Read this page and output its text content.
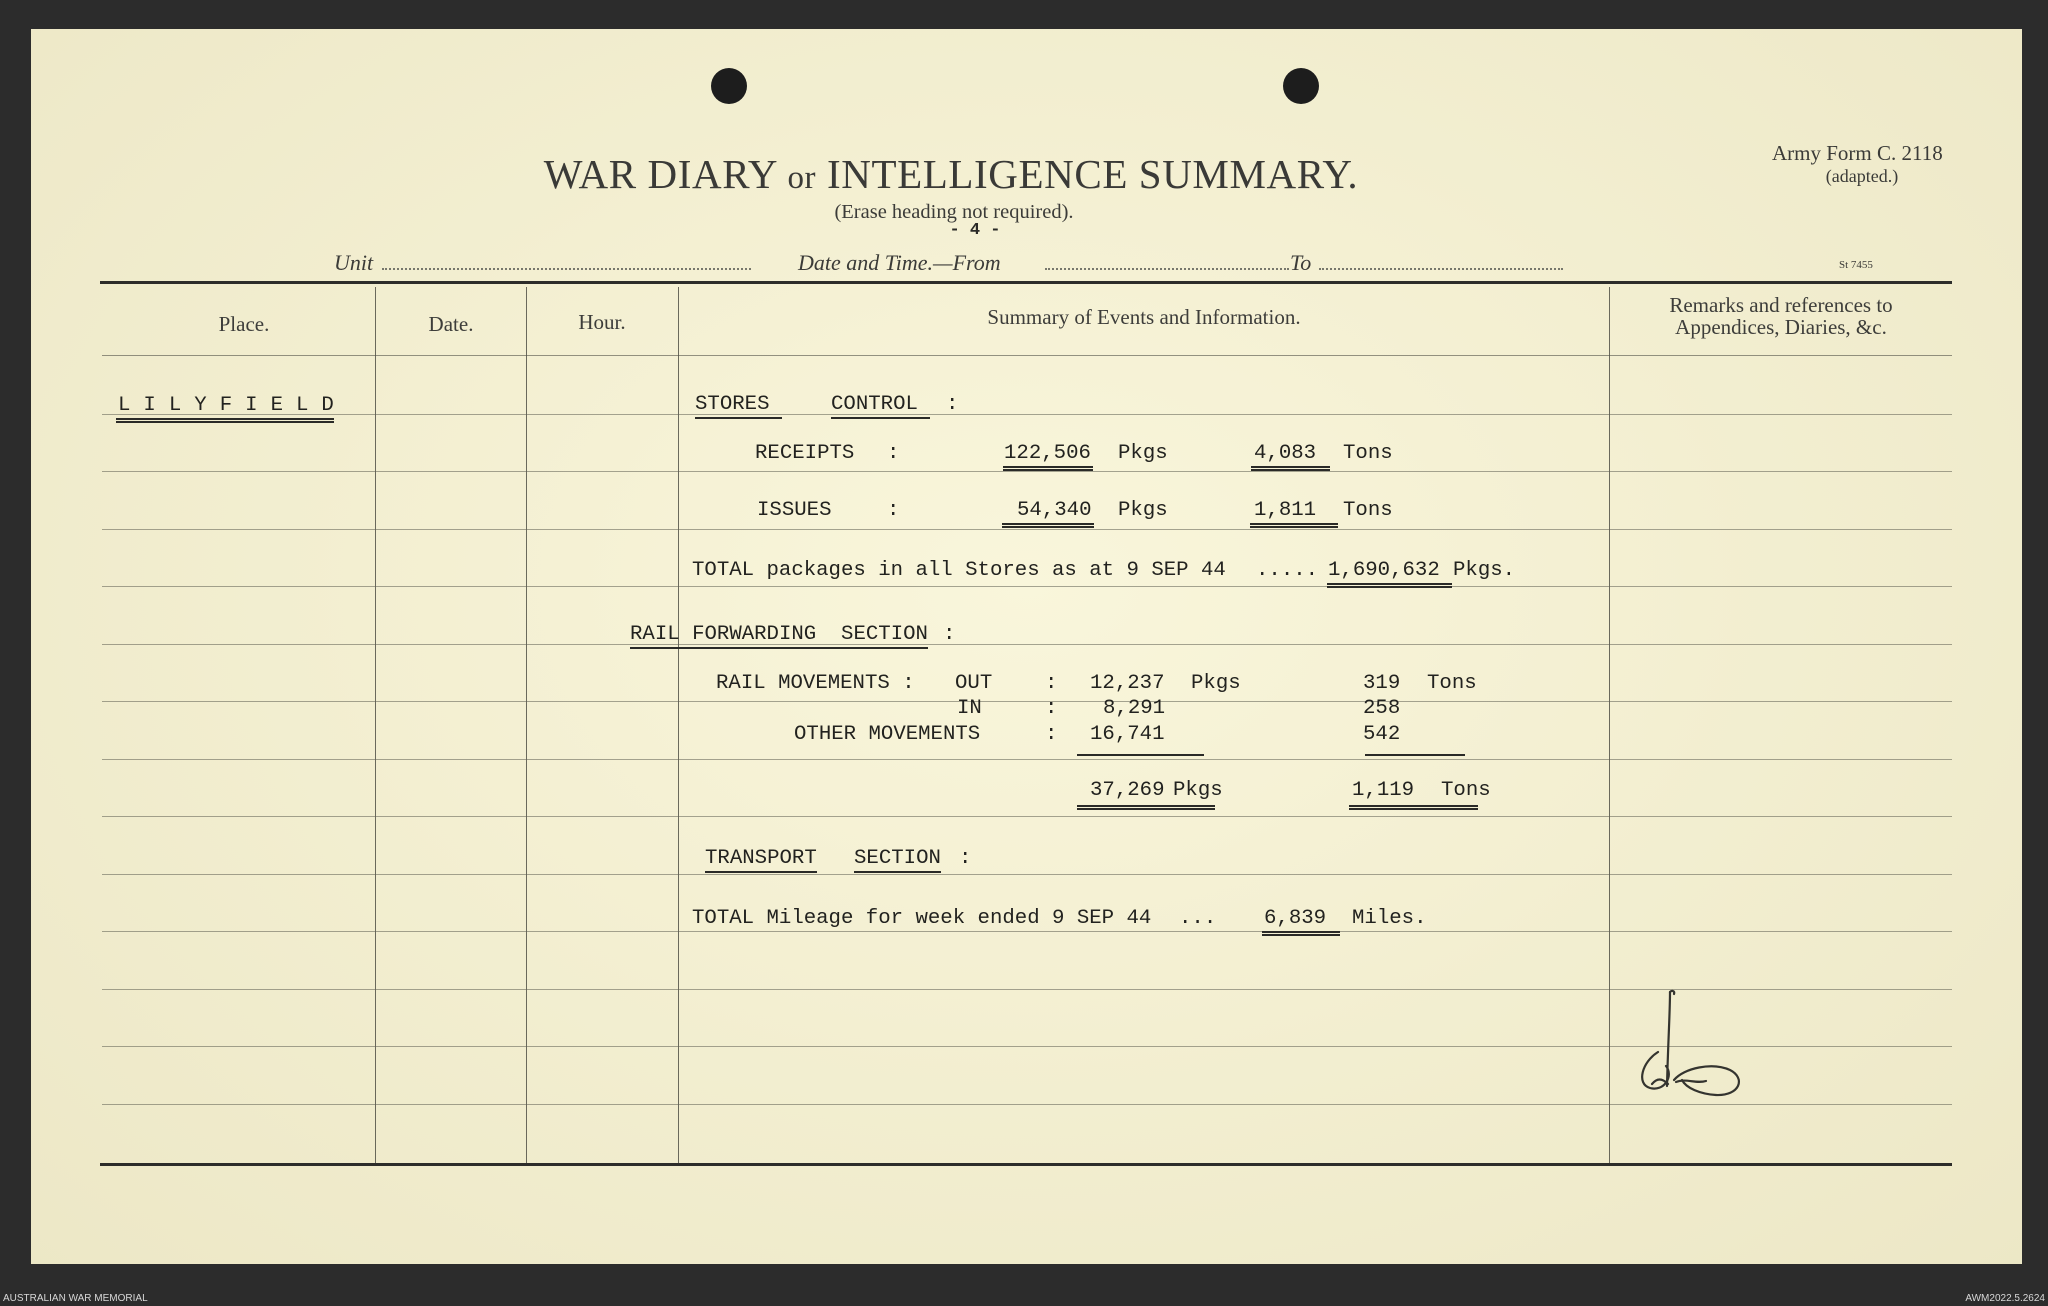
WAR DIARY or INTELLIGENCE SUMMARY.
(Erase heading not required).
- 4 -
Army Form C. 2118
(adapted.)
Unit	Date and Time.—From	To	St 7455
Place.	Date.	Hour.	Summary of Events and Information.	Remarks and references to
Appendices, Diaries, &c.
L I L Y F I E L D	STORES	CONTROL	:
RECEIPTS :	122,506 Pkgs	4,083	Tons
ISSUES	:	54,340 Pkgs	1,811	Tons
TOTAL packages in all Stores as at 9 SEP 44 ..... 1,690,632 Pkgs.
RAIL FORWARDING  SECTION :
RAIL MOVEMENTS : OUT	: 12,237 Pkgs	319 Tons
IN	: 8,291	258
OTHER MOVEMENTS	: 16,741	542
37,269 Pkgs	1,119 Tons
TRANSPORT SECTION :
TOTAL Mileage for week ended 9 SEP 44 ... 6,839	Miles.
AUSTRALIAN WAR MEMORIAL	AWM2022.5.2624
